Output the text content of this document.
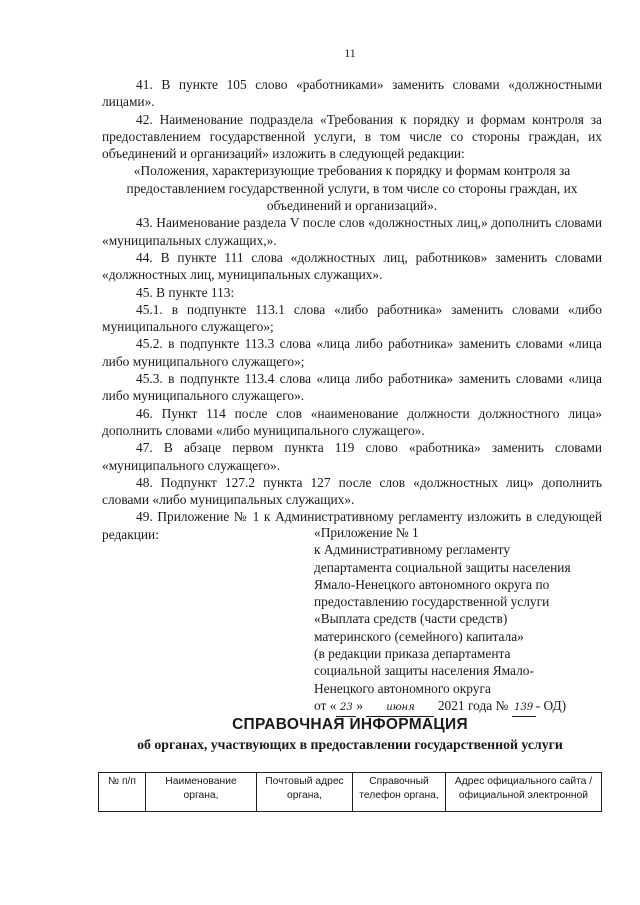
11

41. В пункте 105 слово «работниками» заменить словами «должностными лицами».

42. Наименование подраздела «Требования к порядку и формам контроля за предоставлением государственной услуги, в том числе со стороны граждан, их объединений и организаций» изложить в следующей редакции:

«Положения, характеризующие требования к порядку и формам контроля за предоставлением государственной услуги, в том числе со стороны граждан, их объединений и организаций».

43. Наименование раздела V после слов «должностных лиц,» дополнить словами «муниципальных служащих,».

44. В пункте 111 слова «должностных лиц, работников» заменить словами «должностных лиц, муниципальных служащих».

45. В пункте 113:

45.1. в подпункте 113.1 слова «либо работника» заменить словами «либо муниципального служащего»;

45.2. в подпункте 113.3 слова «лица либо работника» заменить словами «лица либо муниципального служащего»;

45.3. в подпункте 113.4 слова «лица либо работника» заменить словами «лица либо муниципального служащего».

46. Пункт 114 после слов «наименование должности должностного лица» дополнить словами «либо муниципального служащего».

47. В абзаце первом пункта 119 слово «работника» заменить словами «муниципального служащего».

48. Подпункт 127.2 пункта 127 после слов «должностных лиц» дополнить словами «либо муниципальных служащих».

49. Приложение № 1 к Административному регламенту изложить в следующей редакции:	«Приложение № 1
к Административному регламенту
департамента социальной защиты населения
Ямало-Ненецкого автономного округа по
предоставлению государственной услуги
«Выплата средств (части средств)
материнского (семейного) капитала»
(в редакции приказа департамента
социальной защиты населения Ямало-
Ненецкого автономного округа
от « 23 » июня 2021 года № 139 - ОД)
СПРАВОЧНАЯ ИНФОРМАЦИЯ
об органах, участвующих в предоставлении государственной услуги
№ п/п	Наименование органа,	Почтовый адрес органа,	Справочный телефон органа,	Адрес официального сайта /официальной электронной
